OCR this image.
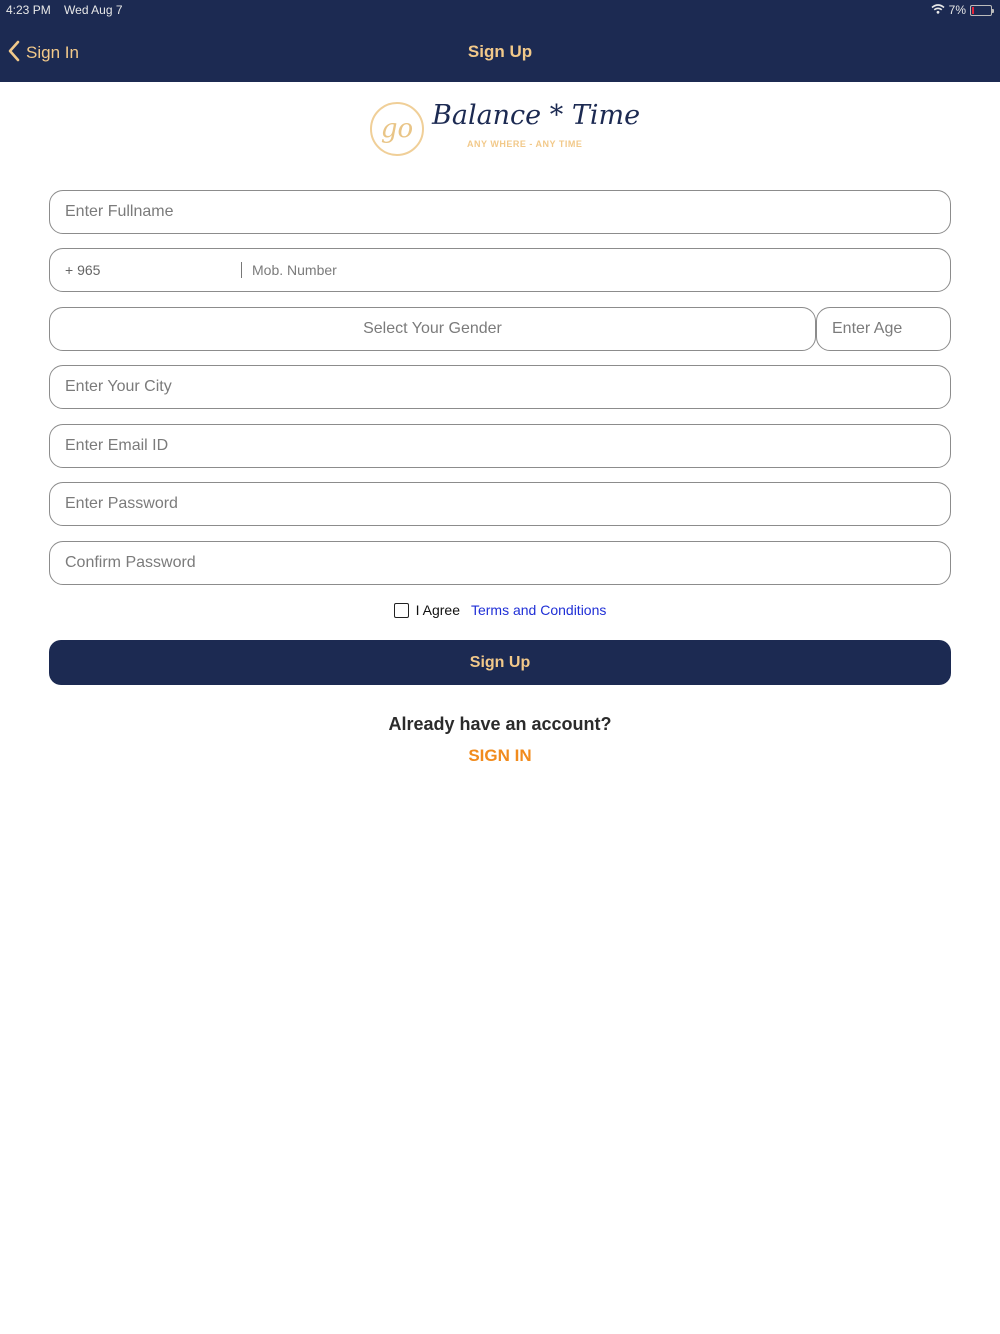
4:23 PM Wed Aug 7	7%
Sign In	Sign Up
go Balance * Time
ANY WHERE - ANY TIME
Enter Fullname
+ 965
Mob. Number
Select Your Gender
Enter Age
Enter Your City
Enter Email ID
I Agree Terms and Conditions
Sign Up
Already have an account?
SIGN IN
